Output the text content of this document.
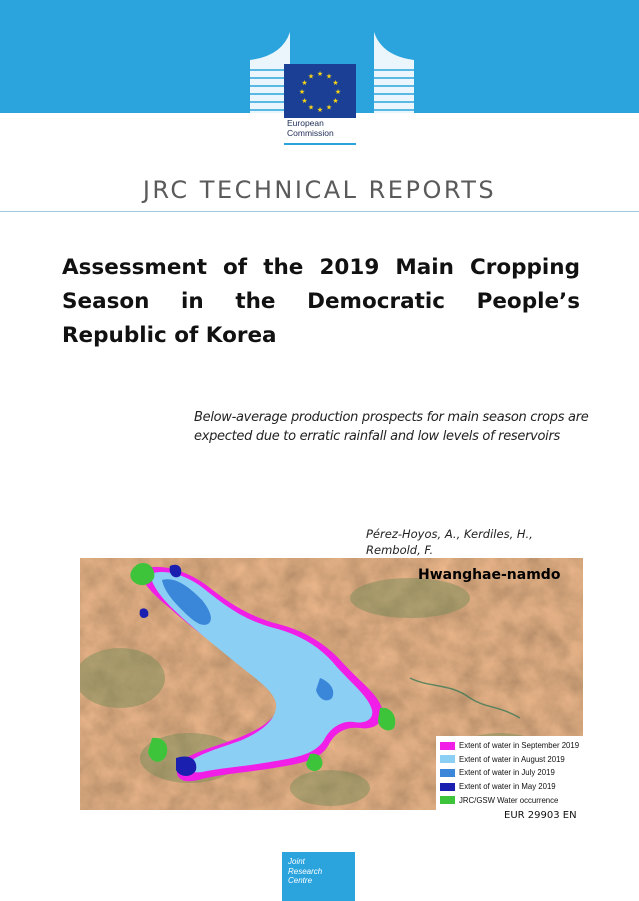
★ ★
★
★
★
★
★
★
★
★
★
★
European
Commission
JRC TECHNICAL REPORTS
Assessment of the 2019 Main Cropping Season in the Democratic People’s Republic of Korea

Below-average production prospects for main season crops are expected due to erratic rainfall and low levels of reservoirs

Pérez-Hoyos, A., Kerdiles, H., Rembold, F.
Hwanghae-namdo
Extent of water in September 2019
Extent of water in August 2019
Extent of water in July 2019
Extent of water in May 2019
JRC/GSW Water occurrence
EUR 29903 EN
Joint
Research
Centre
